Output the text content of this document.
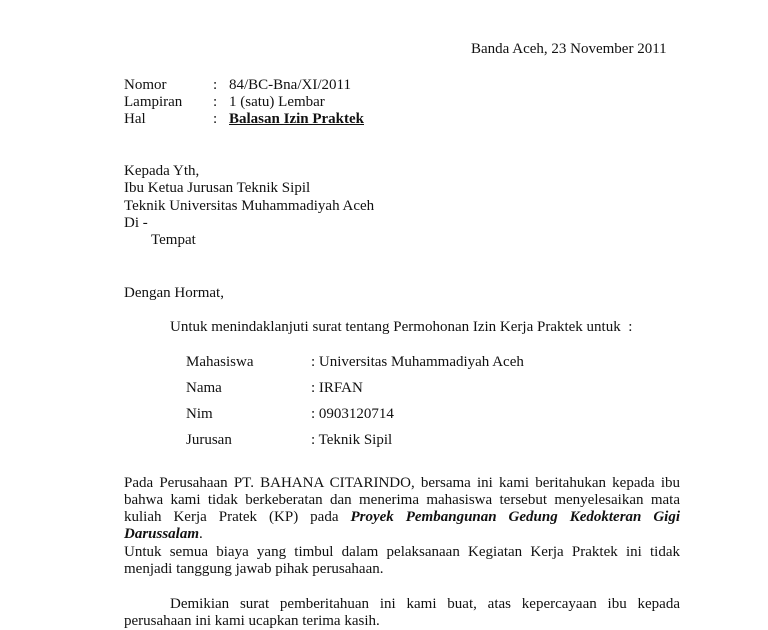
Banda Aceh, 23 November 2011
Nomor	: 84/BC-Bna/XI/2011
Lampiran : 1 (satu) Lembar
Hal	: Balasan Izin Praktek
Kepada Yth,
Ibu Ketua Jurusan Teknik Sipil
Teknik Universitas Muhammadiyah Aceh
Di -
Tempat
Dengan Hormat,
Untuk menindaklanjuti surat tentang Permohonan Izin Kerja Praktek untuk  :
Mahasiswa	: Universitas Muhammadiyah Aceh
Nama	: IRFAN
Nim	: 0903120714
Jurusan	: Teknik Sipil
Pada Perusahaan PT. BAHANA CITARINDO, bersama ini kami beritahukan kepada ibu
bahwa kami tidak berkeberatan dan menerima mahasiswa tersebut menyelesaikan mata
kuliah Kerja Pratek (KP) pada Proyek Pembangunan Gedung Kedokteran Gigi
Darussalam.
Untuk semua biaya yang timbul dalam pelaksanaan Kegiatan Kerja Praktek ini tidak
menjadi tanggung jawab pihak perusahaan.
Demikian surat pemberitahuan ini kami buat, atas kepercayaan ibu kepada
perusahaan ini kami ucapkan terima kasih.
